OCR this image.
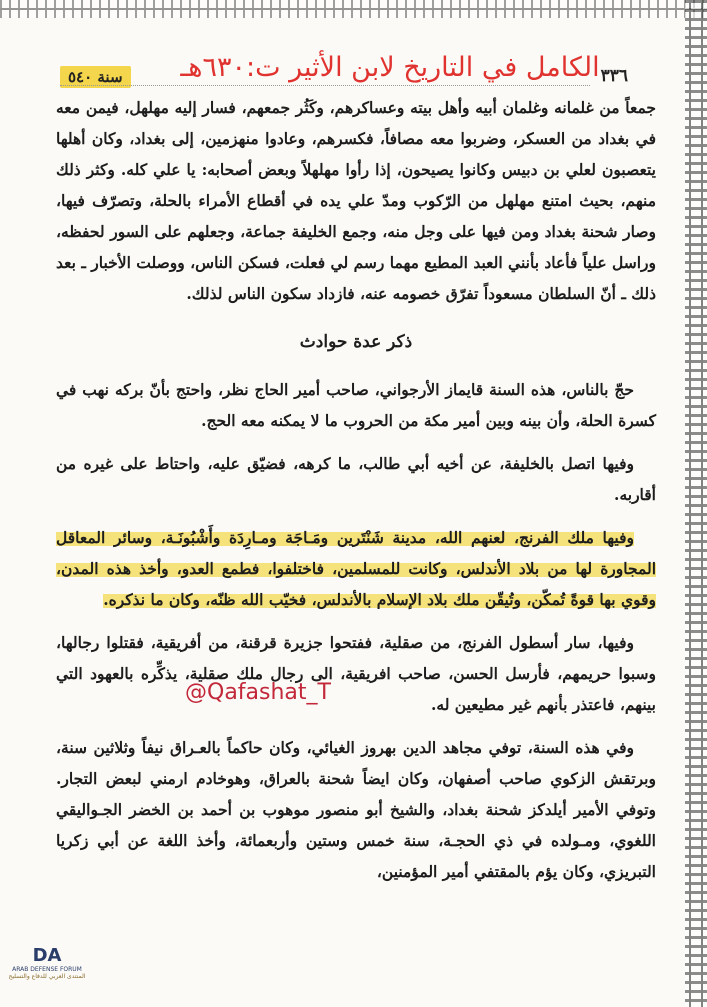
الكامل في التاريخ لابن الأثير ت:٦٣٠هـ ٣٣٦
سنة ٥٤٠

جمعاً من غلمانه وغلمان أبيه وأهل بيته وعساكرهم، وكَثُر جمعهم، فسار إليه مهلهل، فيمن معه في بغداد من العسكر، وضربوا معه مصافاً، فكسرهم، وعادوا منهزمين، إلى بغداد، وكان أهلها يتعصبون لعلي بن دبيس وكانوا يصيحون، إذا رأوا مهلهلاً وبعض أصحابه: يا علي كله. وكثر ذلك منهم، بحيث امتنع مهلهل من الرّكوب ومدّ علي يده في أقطاع الأمراء بالحلة، وتصرّف فيها، وصار شحنة بغداد ومن فيها على وجل منه، وجمع الخليفة جماعة، وجعلهم على السور لحفظه، وراسل علياً فأعاد بأنني العبد المطيع مهما رسم لي فعلت، فسكن الناس، ووصلت الأخبار ـ بعد ذلك ـ أنّ السلطان مسعوداً تفرّق خصومه عنه، فازداد سكون الناس لذلك.

ذكر عدة حوادث

حجّ بالناس، هذه السنة قايماز الأرجواني، صاحب أمير الحاج نظر، واحتج بأنّ بركه نهب في كسرة الحلة، وأن بينه وبين أمير مكة من الحروب ما لا يمكنه معه الحج.

وفيها اتصل بالخليفة، عن أخيه أبي طالب، ما كرهه، فضيّق عليه، واحتاط على غيره من أقاربه.

وفيها ملك الفرنج، لعنهم الله، مدينة شَنْتَرين ومَـاجَة ومـارِدَة وأَشْبُونَـة، وسائر المعاقل المجاورة لها من بلاد الأندلس، وكانت للمسلمين، فاختلفوا، فطمع العدو، وأخذ هذه المدن، وقوي بها قوةً تُمكّن، وتُيقّن ملك بلاد الإسلام بالأندلس، فخيّب الله ظنّه، وكان ما نذكره.

وفيها، سار أسطول الفرنج، من صقلية، ففتحوا جزيرة قرقنة، من أفريقية، فقتلوا رجالها، وسبوا حريمهم، فأرسل الحسن، صاحب افريقية، الى رجال ملك صقلية، يذكِّره بالعهود التي بينهم، فاعتذر بأنهم غير مطيعين له.

وفي هذه السنة، توفي مجاهد الدين بهروز الغيائي، وكان حاكماً بالعـراق نيفاً وثلاثين سنة، وبرتقش الزكوي صاحب أصفهان، وكان ايضاً شحنة بالعراق، وهوخادم ارمني لبعض التجار. وتوفي الأمير أيلدكز شحنة بغداد، والشيخ أبو منصور موهوب بن أحمد بن الخضر الجـواليقي اللغوي، ومـولده في ذي الحجـة، سنة خمس وستين وأربعمائة، وأخذ اللغة عن أبي زكريا التبريزي، وكان يؤم بالمقتفي أمير المؤمنين،

@Qafashat_T
DA
ARAB DEFENSE FORUM
المنتدى العربي للدفاع والتسليح
